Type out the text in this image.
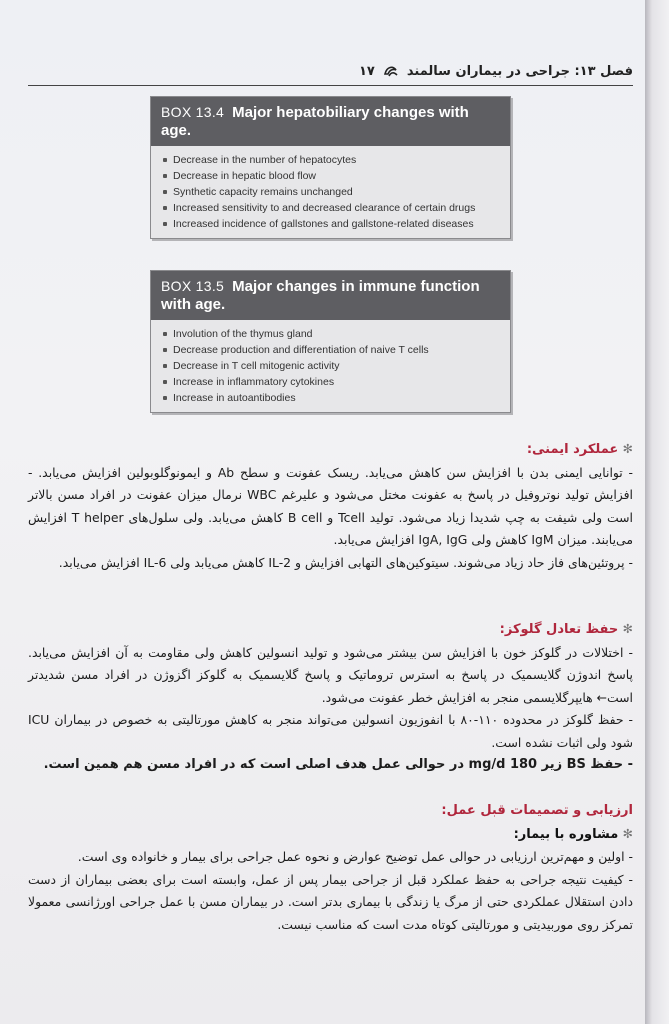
فصل ۱۳: جراحی در بیماران سالمند
۱۷
BOX 13.4 Major hepatobiliary changes with age.
Decrease in the number of hepatocytes
Decrease in hepatic blood flow
Synthetic capacity remains unchanged
Increased sensitivity to and decreased clearance of certain drugs
Increased incidence of gallstones and gallstone-related diseases
BOX 13.5 Major changes in immune function with age.
Involution of the thymus gland
Decrease production and differentiation of naive T cells
Decrease in T cell mitogenic activity
Increase in inflammatory cytokines
Increase in autoantibodies

✻ عملکرد ایمنی:

- توانایی ایمنی بدن با افزایش سن کاهش می‌یابد. ریسک عفونت و سطح Ab و ایمونوگلوبولین افزایش می‌یابد. - افزایش تولید نوتروفیل در پاسخ به عفونت مختل می‌شود و علیرغم WBC نرمال میزان عفونت در افراد مسن بالاتر است ولی شیفت به چپ شدیدا زیاد می‌شود. تولید Tcell و B cell کاهش می‌یابد. ولی سلول‌های T helper افزایش می‌یابند. میزان IgM کاهش ولی IgA, IgG افزایش می‌یابد.

- پروتئین‌های فاز حاد زیاد می‌شوند. سیتوکین‌های التهابی افزایش و IL-2 کاهش می‌یابد ولی IL-6 افزایش می‌یابد.

✻ حفظ تعادل گلوکز:

- اختلالات در گلوکز خون با افزایش سن بیشتر می‌شود و تولید انسولین کاهش ولی مقاومت به آن افزایش می‌یابد. پاسخ اندوژن گلایسمیک در پاسخ به استرس تروماتیک و پاسخ گلایسمیک به گلوکز اگزوژن در افراد مسن شدیدتر است← هایپرگلایسمی منجر به افزایش خطر عفونت می‌شود.

- حفظ گلوکز در محدوده ۱۱۰-۸۰ با انفوزیون انسولین می‌تواند منجر به کاهش مورتالیتی به خصوص در بیماران ICU شود ولی اثبات نشده است.

- حفظ BS زیر 180 mg/d در حوالی عمل هدف اصلی است که در افراد مسن هم همین است.

ارزیابی و تصمیمات قبل عمل:

✻ مشاوره با بیمار:

- اولین و مهم‌ترین ارزیابی در حوالی عمل توضیح عوارض و نحوه عمل جراحی برای بیمار و خانواده وی است.

- کیفیت نتیجه جراحی به حفظ عملکرد قبل از جراحی بیمار پس از عمل، وابسته است برای بعضی بیماران از دست دادن استقلال عملکردی حتی از مرگ یا زندگی با بیماری بدتر است. در بیماران مسن با عمل جراحی اورژانسی معمولا تمرکز روی موربیدیتی و مورتالیتی کوتاه مدت است که مناسب نیست.
